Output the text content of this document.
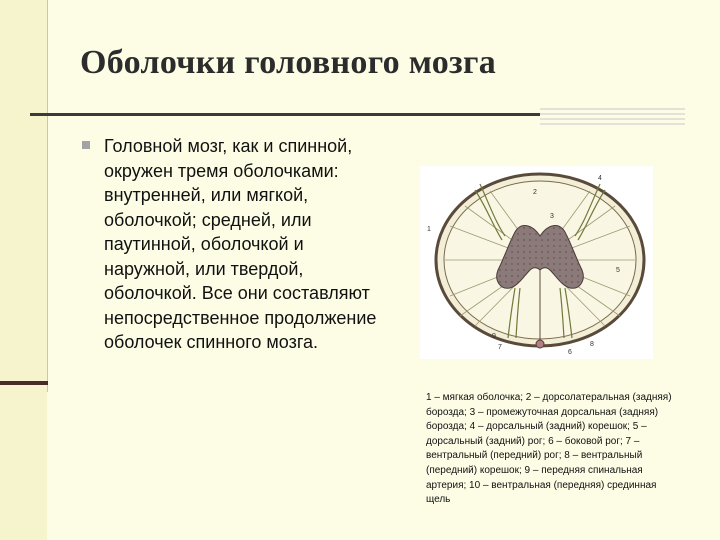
Оболочки головного мозга

Головной мозг, как и спинной, окружен тремя оболочками: внутренней, или мягкой, оболочкой; средней, или паутинной, оболочкой и наружной, или твердой, оболочкой. Все они составляют непосредственное продолжение оболочек спинного мозга.

1
2
3
4
5
6
7	8
9

1 – мягкая оболочка; 2 – дорсолатеральная (задняя) борозда; 3 – промежуточная дорсальная (задняя) борозда; 4 – дорсальный (задний) корешок; 5 – дорсальный (задний) рог; 6 – боковой рог; 7 – вентральный (передний) рог; 8 – вентральный (передний) корешок; 9 – передняя спинальная артерия; 10 – вентральная (передняя) срединная щель
